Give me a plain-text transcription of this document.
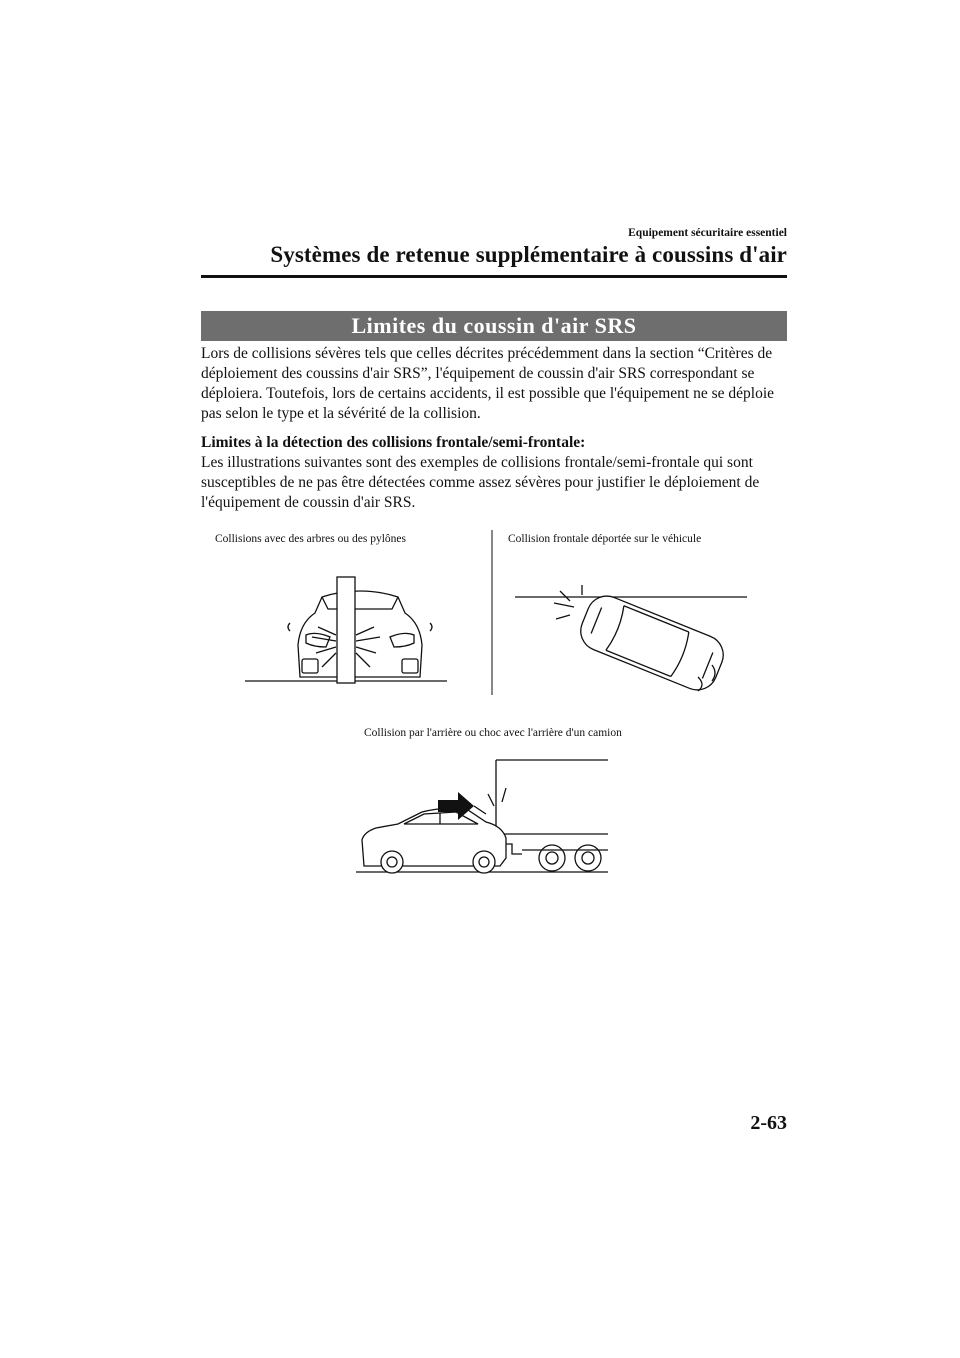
Equipement sécuritaire essentiel
Systèmes de retenue supplémentaire à coussins d'air
Limites du coussin d'air SRS

Lors de collisions sévères tels que celles décrites précédemment dans la section “Critères de déploiement des coussins d'air SRS”, l'équipement de coussin d'air SRS correspondant se déploiera. Toutefois, lors de certains accidents, il est possible que l'équipement ne se déploie pas selon le type et la sévérité de la collision.

Limites à la détection des collisions frontale/semi-frontale:

Les illustrations suivantes sont des exemples de collisions frontale/semi-frontale qui sont susceptibles de ne pas être détectées comme assez sévères pour justifier le déploiement de l'équipement de coussin d'air SRS.

Collisions avec des arbres ou des pylônes	Collision frontale déportée sur le véhicule

Collision par l'arrière ou choc avec l'arrière d'un camion

2-63
